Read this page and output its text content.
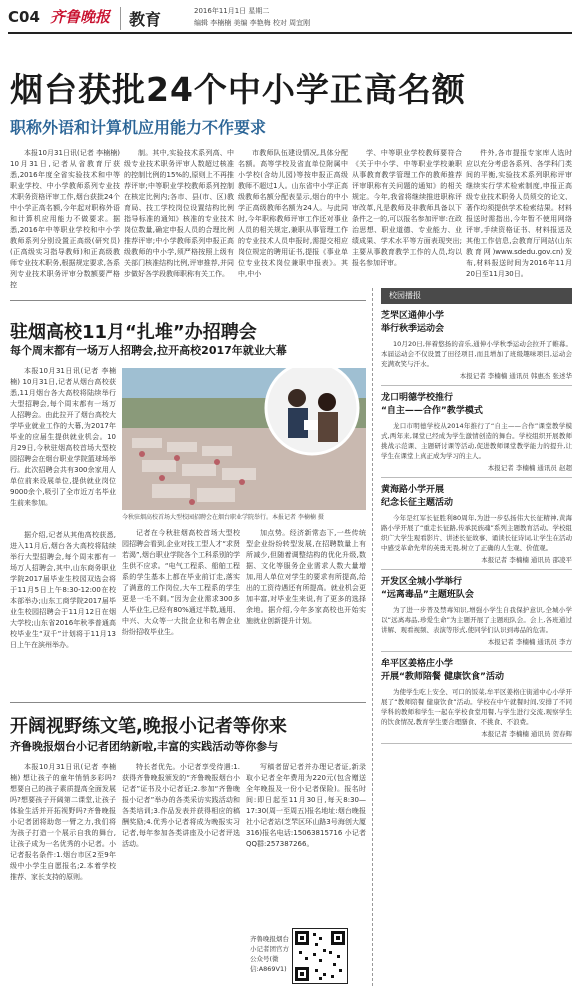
C04 齐鲁晚报	教育	2016年11月1日 星期二
编辑 李楠楠 美编 李艳梅 校对 周宜刚
烟台获批24个中小学正高名额
职称外语和计算机应用能力不作要求

本报10月31日讯(记者 李楠楠) 10月31日,记者从省教育厅获悉,2016年度全省实验技术和中等职业学校、中小学教师系列专业技术职务资格评审工作,烟台获批24个中小学正高名额,今年起对职称外语和计算机应用能力不做要求。据悉,2016年中等职业学校和中小学教师系列分别设置正高级(研究员)(正高级实习指导教师)和正高级教师专业技术职务,根据规定要求,各系列专业技术职务评审分数额要严格控

制。其中,实验技术系列高、中级专业技术职务评审人数超过核准的控制比例的15%的,原则上不再推荐评审;中等职业学校教师系列控制在核定比例内;各市、县(市、区)教育局、技工学校岗位设置结构比例指导标准的通知》核准的专业技术岗位数量,确定申报人员的合理比例推荐评审;中小学教师系列申报正高级教师的中小学,须严格按照上级有关部门核准结构比例,评审推荐,并同步做好各学段教师职称有关工作。

市教师队伍建设情况,具体分配名额。高等学校及省直单位附属中小学校(含幼儿园)等按申报正高级教师不超过1人。山东省中小学正高级教师名额分配表显示,烟台的中小学正高级教师名额为24人。与此同时,今年职称教师评审工作还对事业人员的相关规定,兼职从事管理工作的专业技术人员申报时,需提交相应岗位规定的聘用证书,提报《事业单位专业技术岗位兼职申报表》。其中,中小

学、中等职业学校教师要符合《关于中小学、中等职业学校兼职从事教育教学管理工作的教师推荐评审职称有关问题的通知》的相关规定。今年,我省将继续推进职称评审改革,凡是教师及非教师具备以下条件之一的,可以报名参加评审:在政治思想、职业道德、专业能力、业绩成果、学术水平等方面表现突出;主要从事教育教学工作的人员,均以报名参加评审。

件外,各市提报专家库人选时应以充分考虑各系列、各学科门类间的平衡,实验技术系列职称评审继续实行学术检索制度,申报正高级专业技术职务人员须交的论文、著作均须提供学术检索结果。材料报送时需指出,今年暂不使用网络评审,手续资格证书、材料报送及其他工作信息,会教育厅网站(山东教育网)www.sdedu.gov.cn)发布,材料报送时间为2016年11月20日至11月30日。

驻烟高校11月“扎堆”办招聘会
每个周末都有一场万人招聘会,拉开高校2017年就业大幕

本报10月31日讯(记者 李楠楠) 10月31日,记者从烟台高校获悉,11月烟台各大高校将陆续举行大型招聘会,每个周末都有一场万人招聘会。由此拉开了烟台高校大学毕业就业工作的大幕,为2017年毕业的应届生提供就业机会。10月29日,今秋驻烟高校首场大型校园招聘会在烟台职业学院篮球场举行。此次招聘会共有300余家用人单位前来设展单位,提供就业岗位9000余个,吸引了全市近万名毕业生前来参加。

据介绍,记者从其他高校获悉,进入11月后,烟台各大高校将陆续举行大型招聘会,每个周末都有一场万人招聘会,其中,山东商务职业学院2017届毕业生校园双选会将于11月5日上午8:30-12:00在校本部举办;山东工商学院2017届毕业生校园招聘会于11月12日在烟大学校;山东省2016年秋季普通高校毕业生“双千”计划将于11月13日上午在滨州举办。

今秋驻烟高校首场大型校园招聘会在烟台职业学院举行。本报记者 李楠楠 摄

记者在今秋驻烟高校首场大型校园招聘会看到,企业对技工型人才“求贤若渴”,烟台职业学院各个工科系别的学生供不应求。“电气工程系、船舶工程系的学生基本上都在毕业前订走,落实了满意的工作岗位,大车工程系的学生更是一毛不剩。”因为企业需求300多人毕业生,已经有80%通过半数,通用、中兴、大众等一大批企业和名牌企业纷纷招收毕业生。

加点势。经济新常态下,一些传统型企业纷纷转型发展,在招聘数量上有所减少,但随着调整结构的优化升级,数据、文化等服务企业需求人数大量增加,用人单位对学生的要求有所提高,给出的工资待遇还有所提高。就业机会更加丰富,对毕业生来说,有了更多的选择余地。据介绍,今年多家高校也开始实施就业创新提升计划。

开阔视野练文笔,晚报小记者等你来
齐鲁晚报烟台小记者团纳新啦,丰富的实践活动等你参与

本报10月31日讯(记者 李楠楠) 想让孩子的童年悄悄多彩吗?想要自己的孩子素质提高全面发展吗?想要孩子开阔第二课堂,让孩子体验生活并开拓视野吗?齐鲁晚报小记者团将助您一臂之力,我们将为孩子打造一个展示自我的舞台,让孩子成为一名优秀的小记者。小记者报名条件:1.烟台市区2至9年级中小学生自愿报名;2.本着学校推荐、家长支持的原则。

特长者优先。小记者享受待遇:1.获得齐鲁晚报颁发的“齐鲁晚报烟台小记者”证书及小记者证;2.参加“齐鲁晚报小记者”举办的各类采访实践活动和各类培训;3.作品发表并获得相应的稿酬奖励;4.优秀小记者将成为晚报实习记者,每年参加各类讲座及小记者评选活动。

写稿者留记者并办理记者证,新录取小记者全年费用为220元(包含赠送全年晚报及一份小记者保险)。报名时间:即日起至11月30日,每天8:30—17:30(周一至周五)报名地址:烟台晚报社小记者站(芝罘区环山路3号海创大厦316)报名电话:15063815716 小记者QQ群:257387266。

齐鲁晚报烟台小记者团官方公众号(微信:A869V1)
校园播报
芝罘区通伸小学
举行秋季运动会
10月20日,伴着悠扬的音乐,通伸小学秋季运动会拉开了帷幕。本届运动会不仅设置了田径项目,而且增加了班级趣味项目,运动会充满欢笑与汗水。
本报记者 李楠楠 通讯员 韩惠杰 张述华
龙口明德学校推行
“自主——合作”教学模式
龙口市明德学校从2014年推行了“自主——合作”课堂教学模式,两年来,课堂已经成为学生激情创造的舞台。学校组织开展教师挑战示范课、主题研讨课等活动,促进教师课堂教学能力的提升,让学生在课堂上真正成为学习的主人。
本报记者 李楠楠 通讯员 赵超
黄海路小学开展
纪念长征主题活动
今年是红军长征胜利80周年,为进一步弘扬伟大长征精神,黄海路小学开展了“重走长征路,传承民族魂”系列主题教育活动。学校组织广大学生观看影片、讲述长征故事、诵读长征诗词,让学生在活动中感受革命先辈的英勇无畏,树立了正确的人生观、价值观。
本报记者 李楠楠 通讯员 邵凌平
开发区全城小学举行
“远离毒品”主题班队会
为了进一步普及禁毒知识,增强小学生自我保护意识,全城小学以“远离毒品,珍爱生命”为主题开展了主题班队会。会上,各班通过讲解、观看视频、表演等形式,使同学们认识到毒品的危害。
本报记者 李楠楠 通讯员 李方
牟平区姜格庄小学
开展“教师陪餐 健康饮食”活动
为使学生吃上安全、可口的饭菜,牟平区姜格庄街道中心小学开展了“教师陪餐 健康饮食”活动。学校在中午就餐时间,安排了不同学科的教师和学生一起在学校食堂用餐,与学生进行交流,观察学生的饮食情况,教育学生要合理膳食、不挑食、不浪费。
本报记者 李楠楠 通讯员 贺春辉
